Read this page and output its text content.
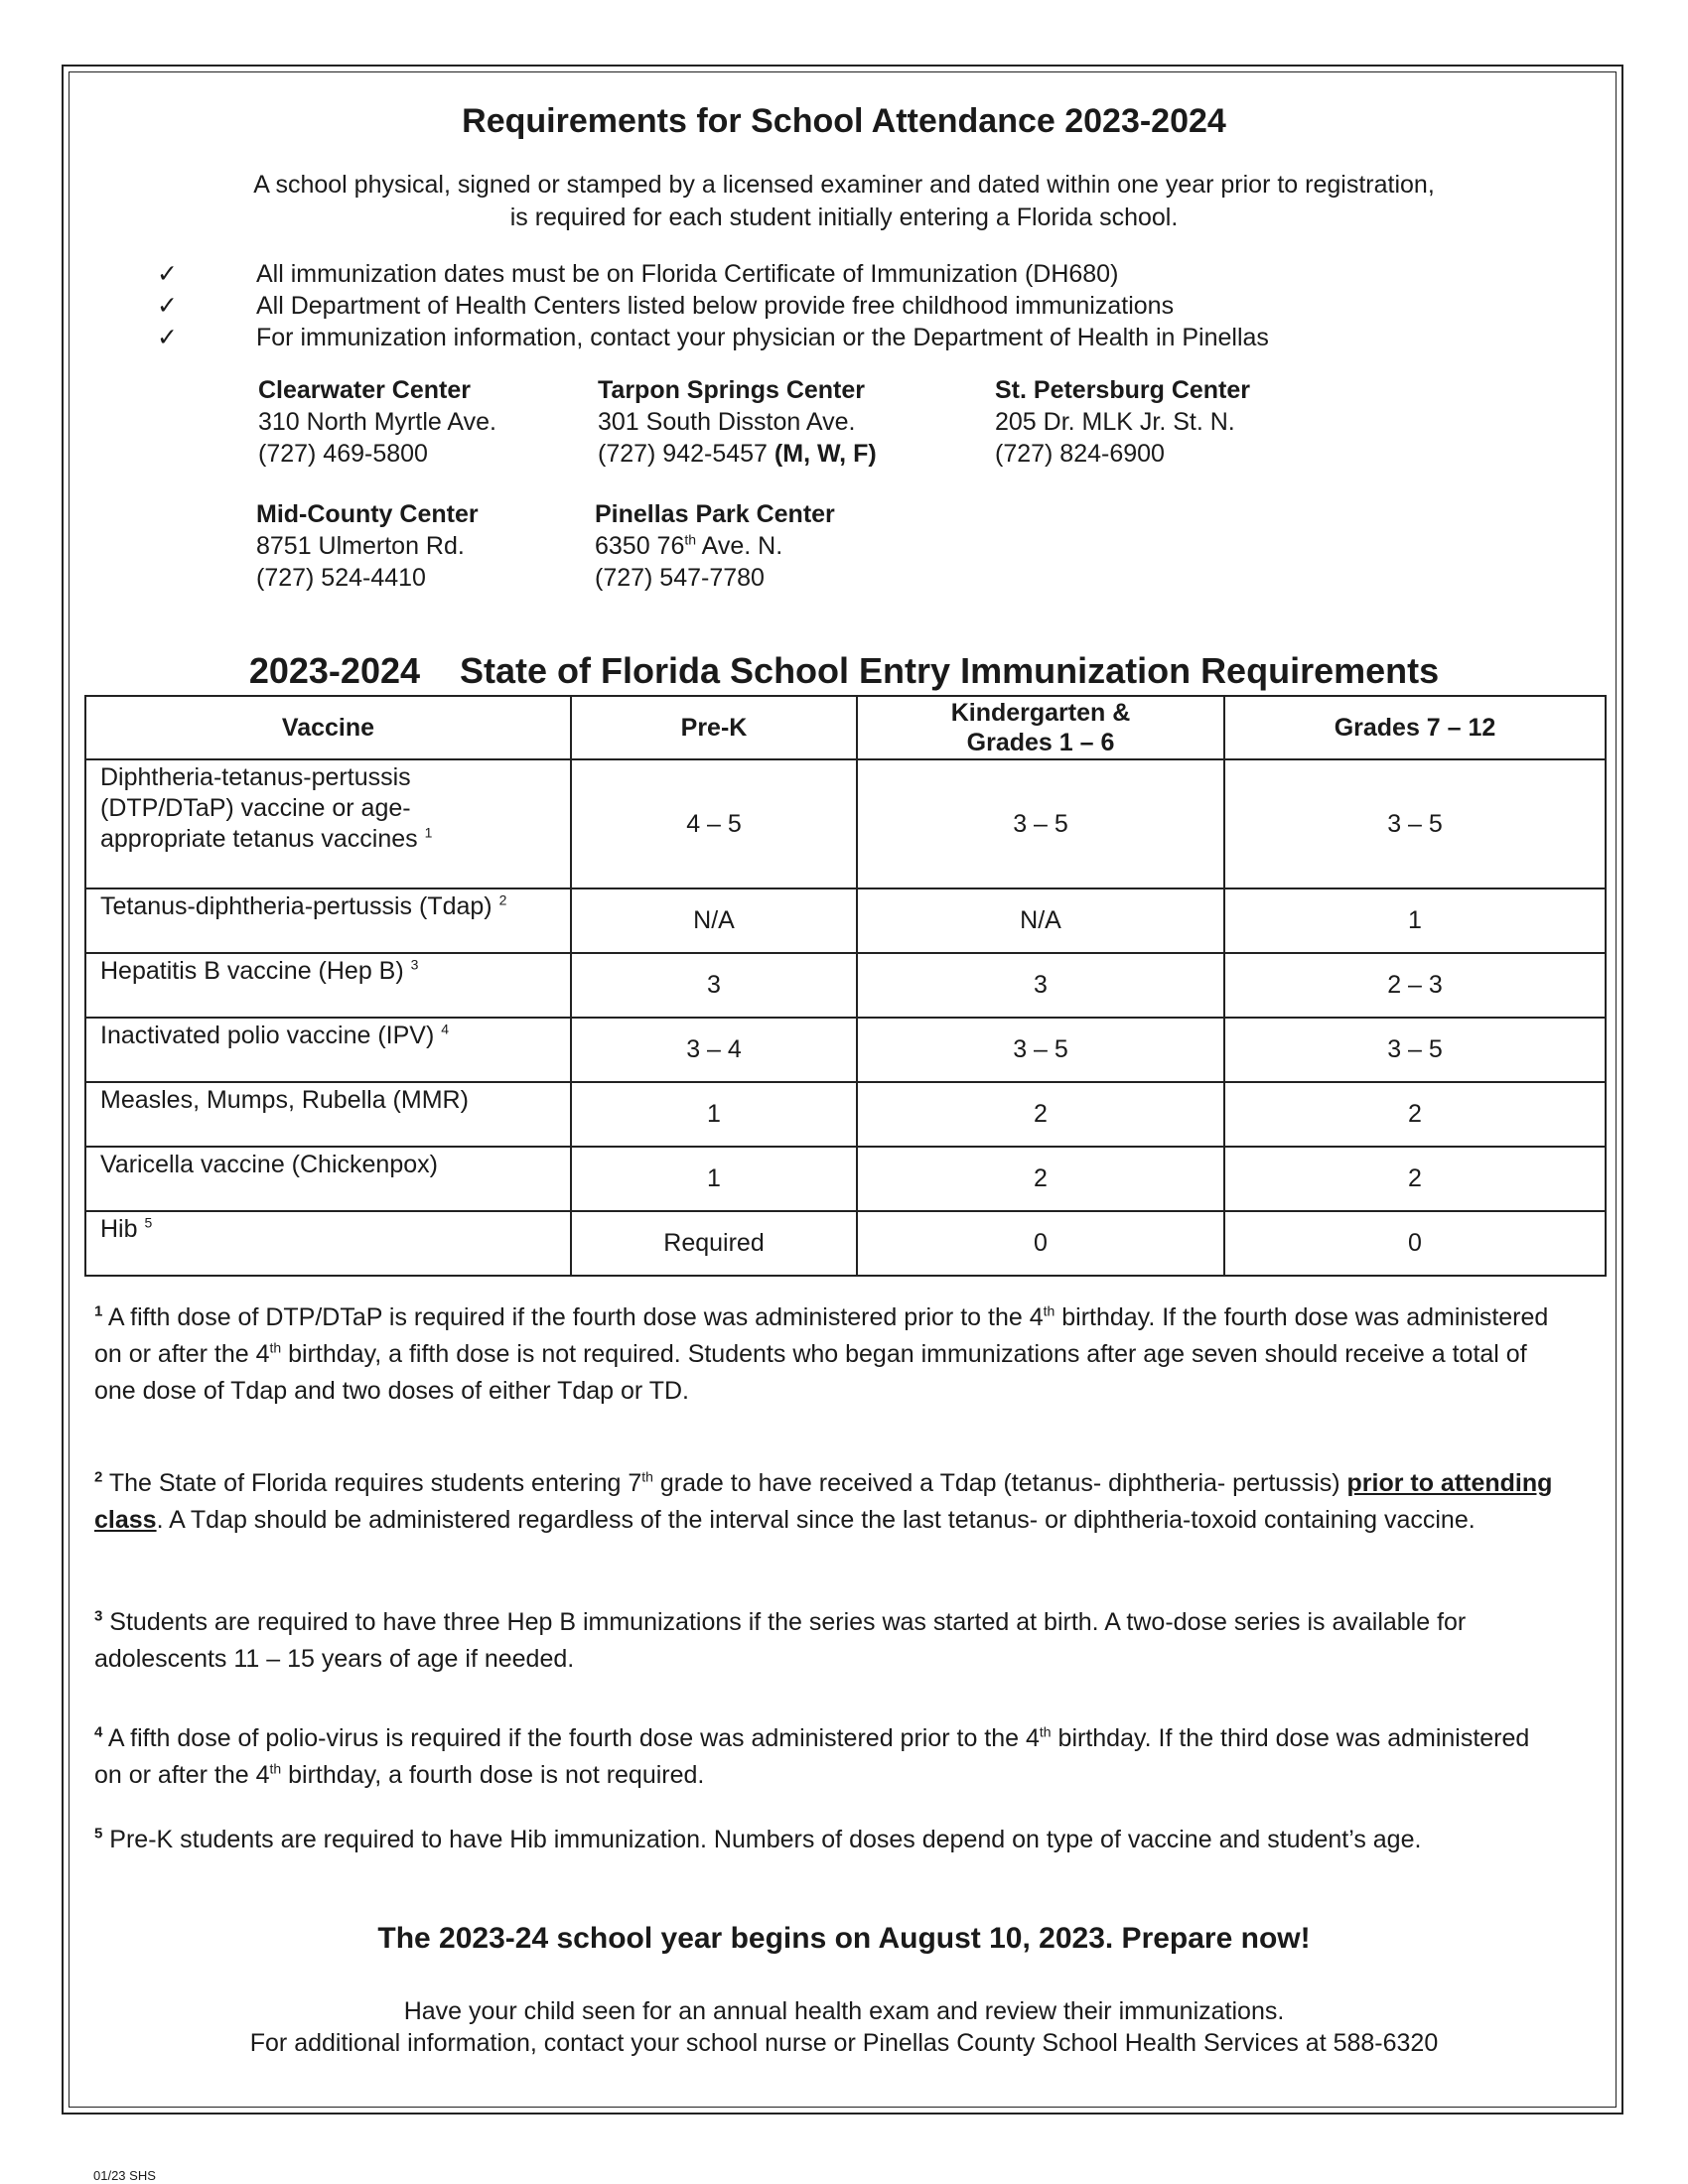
Requirements for School Attendance 2023-2024
A school physical, signed or stamped by a licensed examiner and dated within one year prior to registration,
is required for each student initially entering a Florida school.
✓	All immunization dates must be on Florida Certificate of Immunization (DH680)
✓	All Department of Health Centers listed below provide free childhood immunizations
✓	For immunization information, contact your physician or the Department of Health in Pinellas
Clearwater Center
310 North Myrtle Ave.
(727) 469-5800
Tarpon Springs Center
301 South Disston Ave.
(727) 942-5457 (M, W, F)
St. Petersburg Center
205 Dr. MLK Jr. St. N.
(727) 824-6900
Mid-County Center
8751 Ulmerton Rd.
(727) 524-4410
Pinellas Park Center
6350 76th Ave. N.
(727) 547-7780
2023-2024    State of Florida School Entry Immunization Requirements
Vaccine	Pre-K	Kindergarten &
Grades 1 – 6	Grades 7 – 12

Diphtheria-tetanus-pertussis
(DTP/DTaP) vaccine or age-
appropriate tetanus vaccines $^1$	4 – 5	3 – 5	3 – 5
Tetanus-diphtheria-pertussis (Tdap) $^2$	N/A	N/A	1
Hepatitis B vaccine (Hep B) $^3$	3	3	2 – 3
Inactivated polio vaccine (IPV) $^4$	3 – 4	3 – 5	3 – 5
Measles, Mumps, Rubella (MMR)	1	2	2
Varicella vaccine (Chickenpox)	1	2	2
Hib $^5$	Required	0	0
$^1$ A fifth dose of DTP/DTaP is required if the fourth dose was administered prior to the 4th birthday. If the fourth dose was administered on or after the 4th birthday, a fifth dose is not required. Students who began immunizations after age seven should receive a total of one dose of Tdap and two doses of either Tdap or TD.
$^2$ The State of Florida requires students entering 7th grade to have received a Tdap (tetanus- diphtheria- pertussis) prior to attending class. A Tdap should be administered regardless of the interval since the last tetanus- or diphtheria-toxoid containing vaccine.
$^3$ Students are required to have three Hep B immunizations if the series was started at birth. A two-dose series is available for adolescents 11 – 15 years of age if needed.
$^4$ A fifth dose of polio-virus is required if the fourth dose was administered prior to the 4th birthday. If the third dose was administered on or after the 4th birthday, a fourth dose is not required.
$^5$ Pre-K students are required to have Hib immunization. Numbers of doses depend on type of vaccine and student’s age.
The 2023-24 school year begins on August 10, 2023. Prepare now!
Have your child seen for an annual health exam and review their immunizations.
For additional information, contact your school nurse or Pinellas County School Health Services at 588-6320
01/23 SHS
